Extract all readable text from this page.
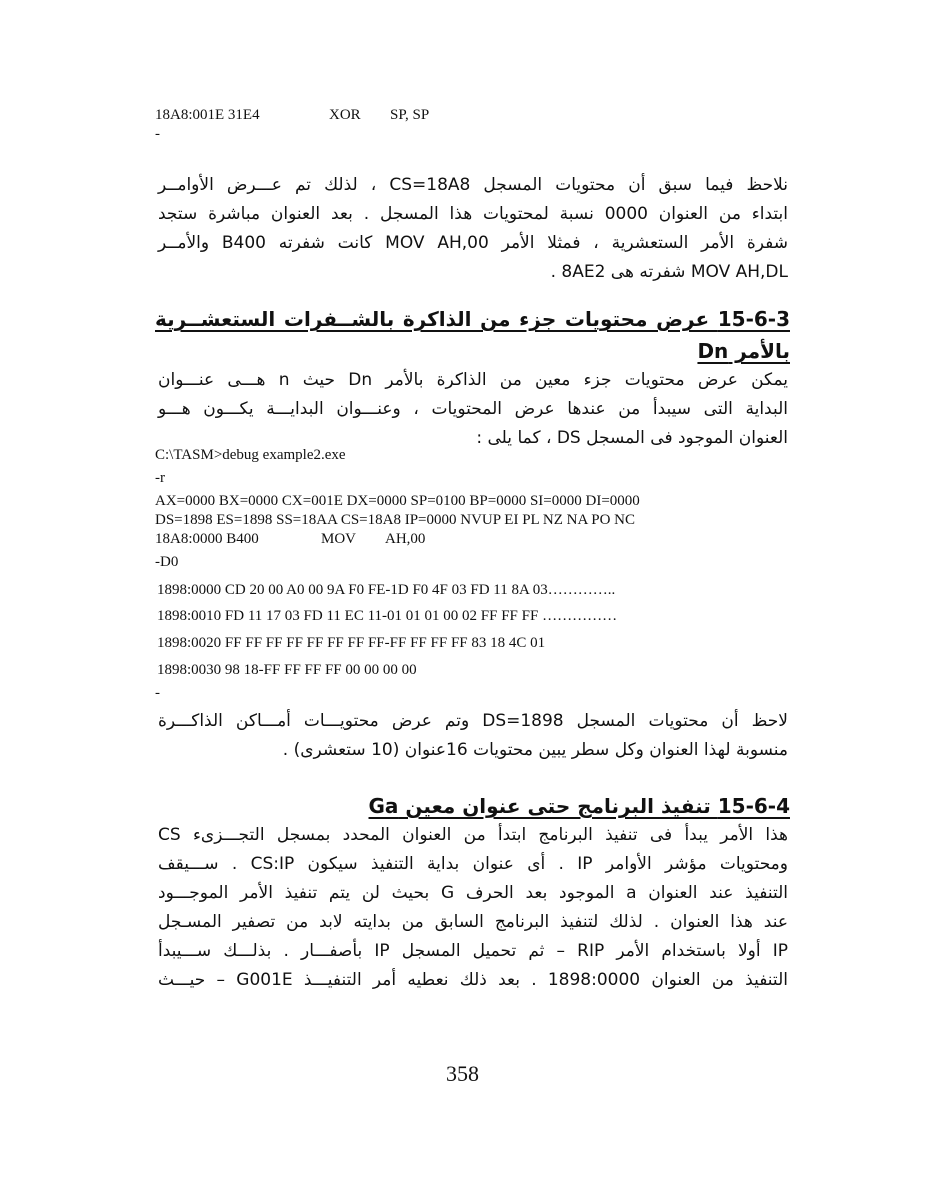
18A8:001E 31E4	XOR SP, SP
-

نلاحظ فيما سبق أن محتويات المسجل CS=18A8 ، لذلك تم عـــرض الأوامــر

ابتداء من العنوان 0000 نسبة لمحتويات هذا المسجل . بعد العنوان مباشرة ستجد

شفرة الأمر الستعشرية ، فمثلا الأمر MOV AH,00 كانت شفرته B400 والأمــر

MOV AH,DL شفرته هى 8AE2 .

15-6-3 عرض محتويات جزء من الذاكرة بالشــفرات الستعشــرية

بالأمر Dn

يمكن عرض محتويات جزء معين من الذاكرة بالأمر Dn حيث n هـــى عنـــوان

البداية التى سيبدأ من عندها عرض المحتويات ، وعنـــوان البدايـــة يكـــون هـــو

العنوان الموجود فى المسجل DS ، كما يلى :

C:\TASM>debug example2.exe
-r
AX=0000 BX=0000 CX=001E DX=0000 SP=0100 BP=0000 SI=0000 DI=0000
DS=1898 ES=1898 SS=18AA CS=18A8 IP=0000 NVUP EI PL NZ NA PO NC
18A8:0000 B400	MOV AH,00
-D0
1898:0000 CD 20 00 A0 00 9A F0 FE-1D F0 4F 03 FD 11 8A 03…………..
1898:0010 FD 11 17 03 FD 11 EC 11-01 01 01 00 02 FF FF FF ……………
1898:0020 FF FF FF FF FF FF FF FF-FF FF FF FF 83 18 4C 01
1898:0030 98 18-FF FF FF FF 00 00 00 00
-

لاحظ أن محتويات المسجل DS=1898 وتم عرض محتويـــات أمـــاكن الذاكـــرة

منسوبة لهذا العنوان وكل سطر يبين محتويات 16عنوان (10 ستعشرى) .

15-6-4 تنفيذ البرنامج حتى عنوان معين Ga

هذا الأمر يبدأ فى تنفيذ البرنامج ابتدأ من العنوان المحدد بمسجل التجـــزىء CS

ومحتويات مؤشر الأوامر IP . أى عنوان بداية التنفيذ سيكون CS:IP . ســـيقف

التنفيذ عند العنوان a الموجود بعد الحرف G بحيث لن يتم تنفيذ الأمر الموجـــود

عند هذا العنوان . لذلك لتنفيذ البرنامج السابق من بدايته لابد من تصفير المسـجل

IP أولا باستخدام الأمر RIP – ثم تحميل المسجل IP بأصفـــار . بذلـــك ســـيبدأ

التنفيذ من العنوان 1898:0000 . بعد ذلك نعطيه أمر التنفيـــذ G001E – حيـــث

358
